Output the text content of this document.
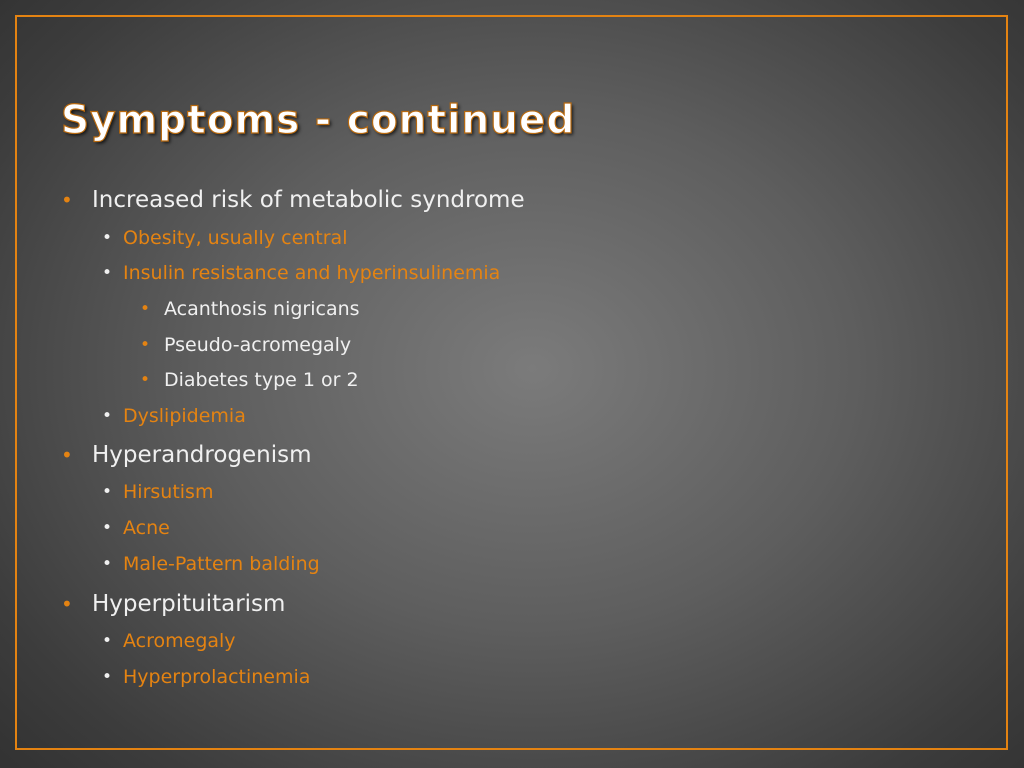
Symptoms - continued
• Increased risk of metabolic syndrome
• Obesity, usually central
• Insulin resistance and hyperinsulinemia
• Acanthosis nigricans
• Pseudo-acromegaly
• Diabetes type 1 or 2
• Dyslipidemia
• Hyperandrogenism
• Hirsutism
• Acne
• Male-Pattern balding
• Hyperpituitarism
• Acromegaly
• Hyperprolactinemia
